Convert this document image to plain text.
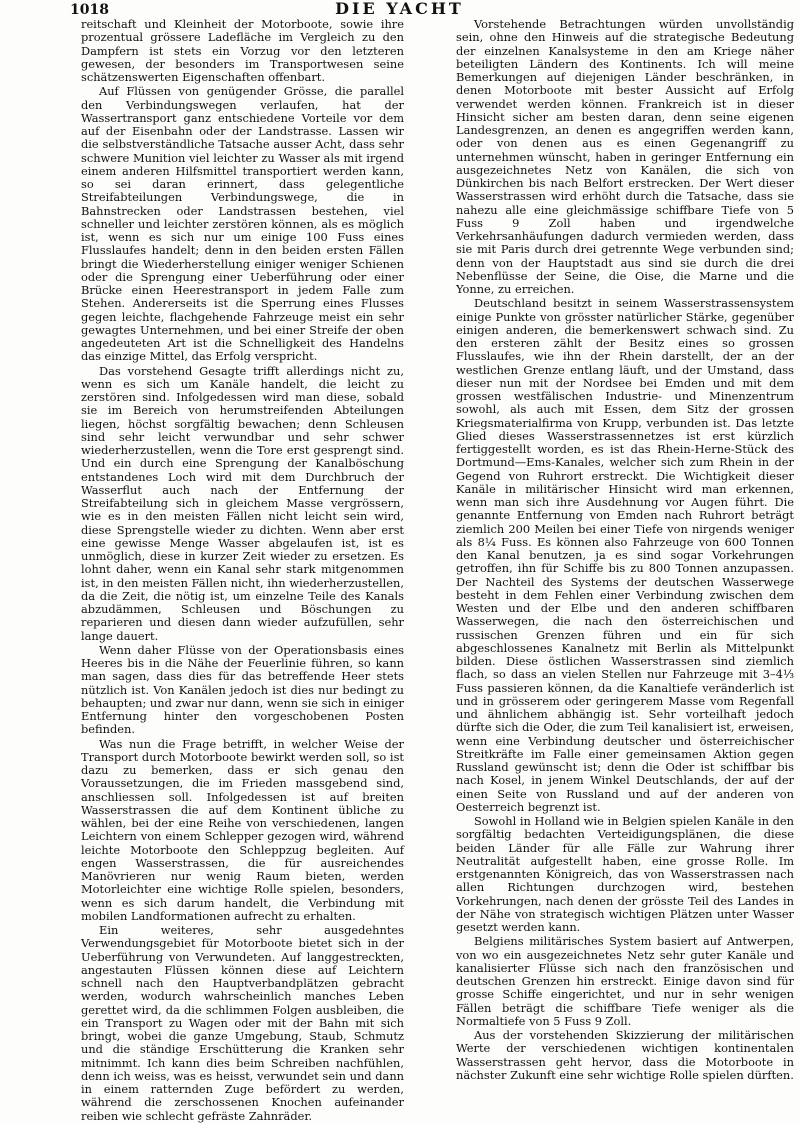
1018	DIE YACHT

reitschaft und Kleinheit der Motorboote, sowie ihre prozentual grössere Ladefläche im Vergleich zu den Dampfern ist stets ein Vorzug vor den letzteren gewesen, der besonders im Transportwesen seine schätzenswerten Eigenschaften offenbart.

Auf Flüssen von genügender Grösse, die parallel den Verbindungswegen verlaufen, hat der Wassertransport ganz entschiedene Vorteile vor dem auf der Eisenbahn oder der Landstrasse. Lassen wir die selbstverständliche Tatsache ausser Acht, dass sehr schwere Munition viel leichter zu Wasser als mit irgend einem anderen Hilfsmittel transportiert werden kann, so sei daran erinnert, dass gelegentliche Streifabteilungen Verbindungswege, die in Bahnstrecken oder Landstrassen bestehen, viel schneller und leichter zerstören können, als es möglich ist, wenn es sich nur um einige 100 Fuss eines Flusslaufes handelt; denn in den beiden ersten Fällen bringt die Wiederherstellung einiger weniger Schienen oder die Sprengung einer Ueberführung oder einer Brücke einen Heerestransport in jedem Falle zum Stehen. Andererseits ist die Sperrung eines Flusses gegen leichte, flachgehende Fahrzeuge meist ein sehr gewagtes Unternehmen, und bei einer Streife der oben angedeuteten Art ist die Schnelligkeit des Handelns das einzige Mittel, das Erfolg verspricht.

Das vorstehend Gesagte trifft allerdings nicht zu, wenn es sich um Kanäle handelt, die leicht zu zerstören sind. Infolgedessen wird man diese, sobald sie im Bereich von herumstreifenden Abteilungen liegen, höchst sorgfältig bewachen; denn Schleusen sind sehr leicht verwundbar und sehr schwer wiederherzustellen, wenn die Tore erst gesprengt sind. Und ein durch eine Sprengung der Kanalböschung entstandenes Loch wird mit dem Durchbruch der Wasserflut auch nach der Entfernung der Streifabteilung sich in gleichem Masse vergrössern, wie es in den meisten Fällen nicht leicht sein wird, diese Sprengstelle wieder zu dichten. Wenn aber erst eine gewisse Menge Wasser abgelaufen ist, ist es unmöglich, diese in kurzer Zeit wieder zu ersetzen. Es lohnt daher, wenn ein Kanal sehr stark mitgenommen ist, in den meisten Fällen nicht, ihn wiederherzustellen, da die Zeit, die nötig ist, um einzelne Teile des Kanals abzudämmen, Schleusen und Böschungen zu reparieren und diesen dann wieder aufzufüllen, sehr lange dauert.

Wenn daher Flüsse von der Operationsbasis eines Heeres bis in die Nähe der Feuerlinie führen, so kann man sagen, dass dies für das betreffende Heer stets nützlich ist. Von Kanälen jedoch ist dies nur bedingt zu behaupten; und zwar nur dann, wenn sie sich in einiger Entfernung hinter den vorgeschobenen Posten befinden.

Was nun die Frage betrifft, in welcher Weise der Transport durch Motorboote bewirkt werden soll, so ist dazu zu bemerken, dass er sich genau den Voraussetzungen, die im Frieden massgebend sind, anschliessen soll. Infolgedessen ist auf breiten Wasserstrassen die auf dem Kontinent übliche zu wählen, bei der eine Reihe von verschiedenen, langen Leichtern von einem Schlepper gezogen wird, während leichte Motorboote den Schleppzug begleiten. Auf engen Wasserstrassen, die für ausreichendes Manövrieren nur wenig Raum bieten, werden Motorleichter eine wichtige Rolle spielen, besonders, wenn es sich darum handelt, die Verbindung mit mobilen Landformationen aufrecht zu erhalten.

Ein weiteres, sehr ausgedehntes Verwendungsgebiet für Motorboote bietet sich in der Ueberführung von Verwundeten. Auf langgestreckten, angestauten Flüssen können diese auf Leichtern schnell nach den Hauptverbandplätzen gebracht werden, wodurch wahrscheinlich manches Leben gerettet wird, da die schlimmen Folgen ausbleiben, die ein Transport zu Wagen oder mit der Bahn mit sich bringt, wobei die ganze Umgebung, Staub, Schmutz und die ständige Erschütterung die Kranken sehr mitnimmt. Ich kann dies beim Schreiben nachfühlen, denn ich weiss, was es heisst, verwundet sein und dann in einem ratternden Zuge befördert zu werden, während die zerschossenen Knochen aufeinander reiben wie schlecht gefräste Zahnräder.

Vorstehende Betrachtungen würden unvollständig sein, ohne den Hinweis auf die strategische Bedeutung der einzelnen Kanalsysteme in den am Kriege näher beteiligten Ländern des Kontinents. Ich will meine Bemerkungen auf diejenigen Länder beschränken, in denen Motorboote mit bester Aussicht auf Erfolg verwendet werden können. Frankreich ist in dieser Hinsicht sicher am besten daran, denn seine eigenen Landesgrenzen, an denen es angegriffen werden kann, oder von denen aus es einen Gegenangriff zu unternehmen wünscht, haben in geringer Entfernung ein ausgezeichnetes Netz von Kanälen, die sich von Dünkirchen bis nach Belfort erstrecken. Der Wert dieser Wasserstrassen wird erhöht durch die Tatsache, dass sie nahezu alle eine gleichmässige schiffbare Tiefe von 5 Fuss 9 Zoll haben und irgendwelche Verkehrsanhäufungen dadurch vermieden werden, dass sie mit Paris durch drei getrennte Wege verbunden sind; denn von der Hauptstadt aus sind sie durch die drei Nebenflüsse der Seine, die Oise, die Marne und die Yonne, zu erreichen.

Deutschland besitzt in seinem Wasserstrassensystem einige Punkte von grösster natürlicher Stärke, gegenüber einigen anderen, die bemerkenswert schwach sind. Zu den ersteren zählt der Besitz eines so grossen Flusslaufes, wie ihn der Rhein darstellt, der an der westlichen Grenze entlang läuft, und der Umstand, dass dieser nun mit der Nordsee bei Emden und mit dem grossen westfälischen Industrie- und Minenzentrum sowohl, als auch mit Essen, dem Sitz der grossen Kriegsmaterialfirma von Krupp, verbunden ist. Das letzte Glied dieses Wasserstrassennetzes ist erst kürzlich fertiggestellt worden, es ist das Rhein-Herne-Stück des Dortmund—Ems-Kanales, welcher sich zum Rhein in der Gegend von Ruhrort erstreckt. Die Wichtigkeit dieser Kanäle in militärischer Hinsicht wird man erkennen, wenn man sich ihre Ausdehnung vor Augen führt. Die genannte Entfernung von Emden nach Ruhrort beträgt ziemlich 200 Meilen bei einer Tiefe von nirgends weniger als 8¼ Fuss. Es können also Fahrzeuge von 600 Tonnen den Kanal benutzen, ja es sind sogar Vorkehrungen getroffen, ihn für Schiffe bis zu 800 Tonnen anzupassen. Der Nachteil des Systems der deutschen Wasserwege besteht in dem Fehlen einer Verbindung zwischen dem Westen und der Elbe und den anderen schiffbaren Wasserwegen, die nach den österreichischen und russischen Grenzen führen und ein für sich abgeschlossenes Kanalnetz mit Berlin als Mittelpunkt bilden. Diese östlichen Wasserstrassen sind ziemlich flach, so dass an vielen Stellen nur Fahrzeuge mit 3–4⅓ Fuss passieren können, da die Kanaltiefe veränderlich ist und in grösserem oder geringerem Masse vom Regenfall und ähnlichem abhängig ist. Sehr vorteilhaft jedoch dürfte sich die Oder, die zum Teil kanalisiert ist, erweisen, wenn eine Verbindung deutscher und österreichischer Streitkräfte im Falle einer gemeinsamen Aktion gegen Russland gewünscht ist; denn die Oder ist schiffbar bis nach Kosel, in jenem Winkel Deutschlands, der auf der einen Seite von Russland und auf der anderen von Oesterreich begrenzt ist.

Sowohl in Holland wie in Belgien spielen Kanäle in den sorgfältig bedachten Verteidigungsplänen, die diese beiden Länder für alle Fälle zur Wahrung ihrer Neutralität aufgestellt haben, eine grosse Rolle. Im erstgenannten Königreich, das von Wasserstrassen nach allen Richtungen durchzogen wird, bestehen Vorkehrungen, nach denen der grösste Teil des Landes in der Nähe von strategisch wichtigen Plätzen unter Wasser gesetzt werden kann.

Belgiens militärisches System basiert auf Antwerpen, von wo ein ausgezeichnetes Netz sehr guter Kanäle und kanalisierter Flüsse sich nach den französischen und deutschen Grenzen hin erstreckt. Einige davon sind für grosse Schiffe eingerichtet, und nur in sehr wenigen Fällen beträgt die schiffbare Tiefe weniger als die Normaltiefe von 5 Fuss 9 Zoll.

Aus der vorstehenden Skizzierung der militärischen Werte der verschiedenen wichtigen kontinentalen Wasserstrassen geht hervor, dass die Motorboote in nächster Zukunft eine sehr wichtige Rolle spielen dürften.
